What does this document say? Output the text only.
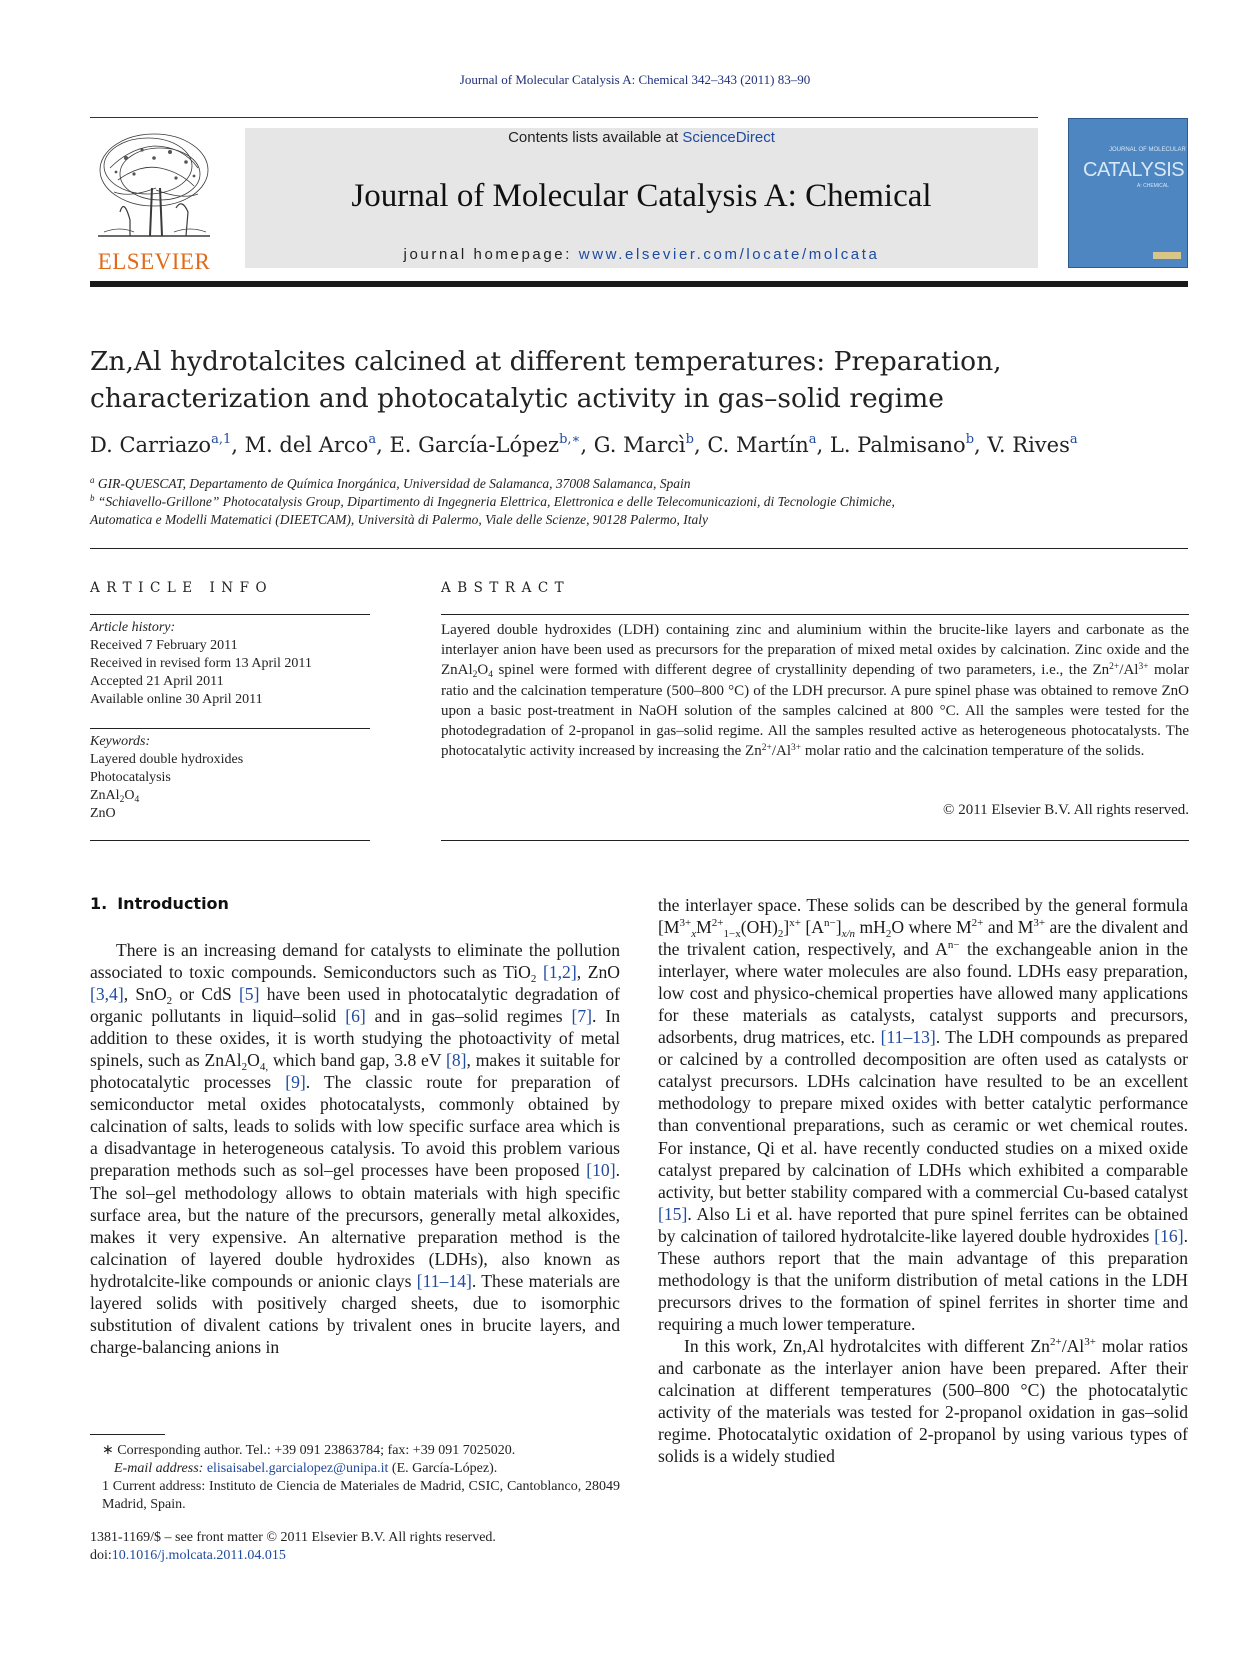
Journal of Molecular Catalysis A: Chemical 342–343 (2011) 83–90
ELSEVIER
Contents lists available at ScienceDirect
Journal of Molecular Catalysis A: Chemical
journal homepage: www.elsevier.com/locate/molcata
JOURNAL OF MOLECULAR
CATALYSIS
A: CHEMICAL
Zn,Al hydrotalcites calcined at different temperatures: Preparation,
characterization and photocatalytic activity in gas–solid regime
D. Carriazo$^{a,1}$, M. del Arco$^a$, E. García-López$^{b,∗}$, G. Marcì$^b$, C. Martín$^a$, L. Palmisano$^b$, V. Rives$^a$
$^a$ GIR-QUESCAT, Departamento de Química Inorgánica, Universidad de Salamanca, 37008 Salamanca, Spain
$^b$ “Schiavello-Grillone” Photocatalysis Group, Dipartimento di Ingegneria Elettrica, Elettronica e delle Telecomunicazioni, di Tecnologie Chimiche,
Automatica e Modelli Matematici (DIEETCAM), Università di Palermo, Viale delle Scienze, 90128 Palermo, Italy
ARTICLE INFO
Article history:
Received 7 February 2011
Received in revised form 13 April 2011
Accepted 21 April 2011
Available online 30 April 2011
Keywords:
Layered double hydroxides
Photocatalysis
$ZnAl_2O_4$
ZnO
ABSTRACT
Layered double hydroxides (LDH) containing zinc and aluminium within the brucite-like layers and carbonate as the interlayer anion have been used as precursors for the preparation of mixed metal oxides by calcination. Zinc oxide and the $ZnAl_2O_4$ spinel were formed with different degree of crystallinity depending of two parameters, i.e., the $Zn^{2+}/Al^{3+}$ molar ratio and the calcination temperature (500–800 °C) of the LDH precursor. A pure spinel phase was obtained to remove ZnO upon a basic post-treatment in NaOH solution of the samples calcined at 800 °C. All the samples were tested for the photodegradation of 2-propanol in gas–solid regime. All the samples resulted active as heterogeneous photocatalysts. The photocatalytic activity increased by increasing the $Zn^{2+}/Al^{3+}$ molar ratio and the calcination temperature of the solids.
© 2011 Elsevier B.V. All rights reserved.
1. Introduction

There is an increasing demand for catalysts to eliminate the pollution associated to toxic compounds. Semiconductors such as TiO$_2$ [1,2], ZnO [3,4], SnO$_2$ or CdS [5] have been used in photocatalytic degradation of organic pollutants in liquid–solid [6] and in gas–solid regimes [7]. In addition to these oxides, it is worth studying the photoactivity of metal spinels, such as $ZnAl_2O_{4,}$ which band gap, 3.8 eV [8], makes it suitable for photocatalytic processes [9]. The classic route for preparation of semiconductor metal oxides photocatalysts, commonly obtained by calcination of salts, leads to solids with low specific surface area which is a disadvantage in heterogeneous catalysis. To avoid this problem various preparation methods such as sol–gel processes have been proposed [10]. The sol–gel methodology allows to obtain materials with high specific surface area, but the nature of the precursors, generally metal alkoxides, makes it very expensive. An alternative preparation method is the calcination of layered double hydroxides (LDHs), also known as hydrotalcite-like compounds or anionic clays [11–14]. These materials are layered solids with positively charged sheets, due to isomorphic substitution of divalent cations by trivalent ones in brucite layers, and charge-balancing anions in

the interlayer space. These solids can be described by the general formula $[M^{3+}_xM^{2+}_{1-x}(OH)_2]^{x+}$ $[A^{n-}]_{x/n}$ $mH_2O$ where $M^{2+}$ and $M^{3+}$ are the divalent and the trivalent cation, respectively, and $A^{n-}$ the exchangeable anion in the interlayer, where water molecules are also found. LDHs easy preparation, low cost and physico-chemical properties have allowed many applications for these materials as catalysts, catalyst supports and precursors, adsorbents, drug matrices, etc. [11–13]. The LDH compounds as prepared or calcined by a controlled decomposition are often used as catalysts or catalyst precursors. LDHs calcination have resulted to be an excellent methodology to prepare mixed oxides with better catalytic performance than conventional preparations, such as ceramic or wet chemical routes. For instance, Qi et al. have recently conducted studies on a mixed oxide catalyst prepared by calcination of LDHs which exhibited a comparable activity, but better stability compared with a commercial Cu-based catalyst [15]. Also Li et al. have reported that pure spinel ferrites can be obtained by calcination of tailored hydrotalcite-like layered double hydroxides [16]. These authors report that the main advantage of this preparation methodology is that the uniform distribution of metal cations in the LDH precursors drives to the formation of spinel ferrites in shorter time and requiring a much lower temperature.

In this work, Zn,Al hydrotalcites with different $Zn^{2+}/Al^{3+}$ molar ratios and carbonate as the interlayer anion have been prepared. After their calcination at different temperatures (500–800 °C) the photocatalytic activity of the materials was tested for 2-propanol oxidation in gas–solid regime. Photocatalytic oxidation of 2-propanol by using various types of solids is a widely studied

∗ Corresponding author. Tel.: +39 091 23863784; fax: +39 091 7025020.
E-mail address: elisaisabel.garcialopez@unipa.it (E. García-López).
1 Current address: Instituto de Ciencia de Materiales de Madrid, CSIC, Cantoblanco, 28049 Madrid, Spain.
1381-1169/$ – see front matter © 2011 Elsevier B.V. All rights reserved.
doi:10.1016/j.molcata.2011.04.015
